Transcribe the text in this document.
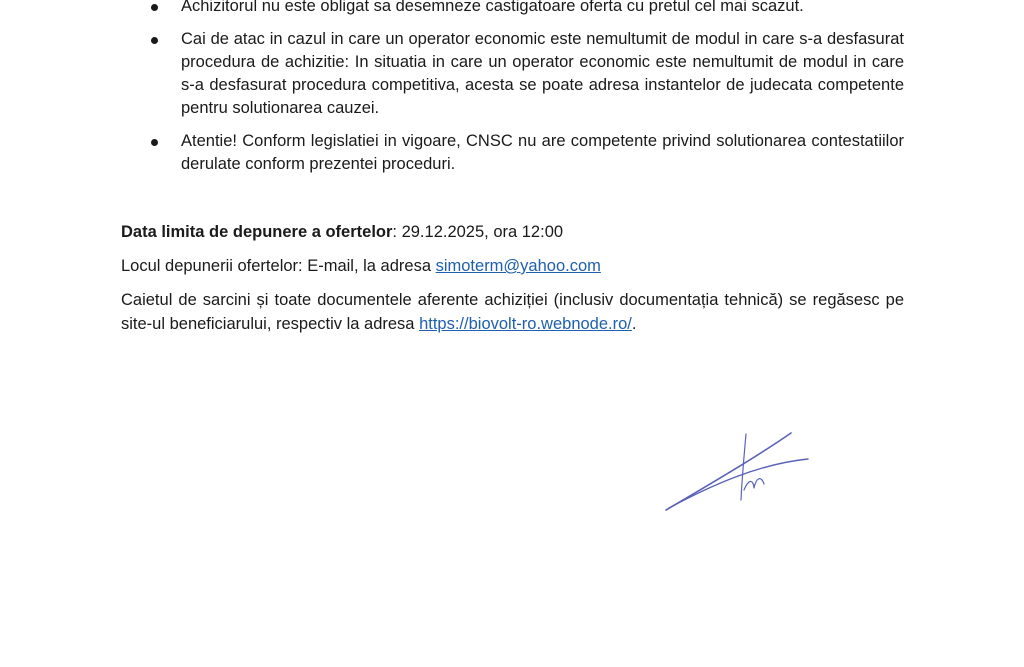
Achizitorul nu este obligat sa desemneze castigatoare oferta cu pretul cel mai scazut.
Cai de atac in cazul in care un operator economic este nemultumit de modul in care s-a desfasurat procedura de achizitie: In situatia in care un operator economic este nemultumit de modul in care s-a desfasurat procedura competitiva, acesta se poate adresa instantelor de judecata competente pentru solutionarea cauzei.
Atentie! Conform legislatiei in vigoare, CNSC nu are competente privind solutionarea contestatiilor derulate conform prezentei proceduri.

Data limita de depunere a ofertelor: 29.12.2025, ora 12:00

Locul depunerii ofertelor: E-mail, la adresa simoterm@yahoo.com

Caietul de sarcini și toate documentele aferente achiziției (inclusiv documentația tehnică) se regăsesc pe site-ul beneficiarului, respectiv la adresa https://biovolt-ro.webnode.ro/.
